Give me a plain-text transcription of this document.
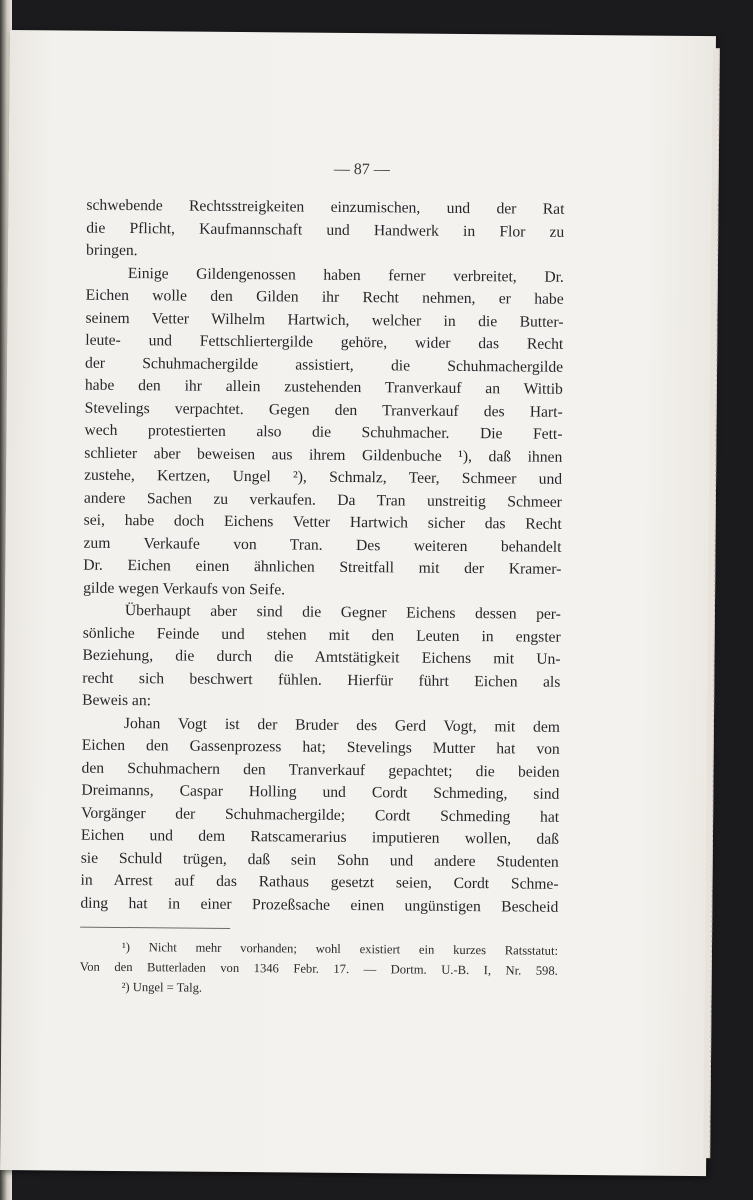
— 87 —
schwebende Rechtsstreigkeiten einzumischen, und der Rat
die Pflicht, Kaufmannschaft und Handwerk in Flor zu
bringen.
Einige Gildengenossen haben ferner verbreitet, Dr.
Eichen wolle den Gilden ihr Recht nehmen, er habe
seinem Vetter Wilhelm Hartwich, welcher in die Butter-
leute- und Fettschliertergilde gehöre, wider das Recht
der Schuhmachergilde assistiert, die Schuhmachergilde
habe den ihr allein zustehenden Tranverkauf an Wittib
Stevelings verpachtet. Gegen den Tranverkauf des Hart-
wech protestierten also die Schuhmacher. Die Fett-
schlieter aber beweisen aus ihrem Gildenbuche ¹), daß ihnen
zustehe, Kertzen, Ungel ²), Schmalz, Teer, Schmeer und
andere Sachen zu verkaufen. Da Tran unstreitig Schmeer
sei, habe doch Eichens Vetter Hartwich sicher das Recht
zum Verkaufe von Tran. Des weiteren behandelt
Dr. Eichen einen ähnlichen Streitfall mit der Kramer-
gilde wegen Verkaufs von Seife.
Überhaupt aber sind die Gegner Eichens dessen per-
sönliche Feinde und stehen mit den Leuten in engster
Beziehung, die durch die Amtstätigkeit Eichens mit Un-
recht sich beschwert fühlen. Hierfür führt Eichen als
Beweis an:
Johan Vogt ist der Bruder des Gerd Vogt, mit dem
Eichen den Gassenprozess hat; Stevelings Mutter hat von
den Schuhmachern den Tranverkauf gepachtet; die beiden
Dreimanns, Caspar Holling und Cordt Schmeding, sind
Vorgänger der Schuhmachergilde; Cordt Schmeding hat
Eichen und dem Ratscamerarius imputieren wollen, daß
sie Schuld trügen, daß sein Sohn und andere Studenten
in Arrest auf das Rathaus gesetzt seien, Cordt Schme-
ding hat in einer Prozeßsache einen ungünstigen Bescheid
¹) Nicht mehr vorhanden; wohl existiert ein kurzes Ratsstatut:
Von den Butterladen von 1346 Febr. 17. — Dortm. U.-B. I, Nr. 598.
²) Ungel = Talg.
